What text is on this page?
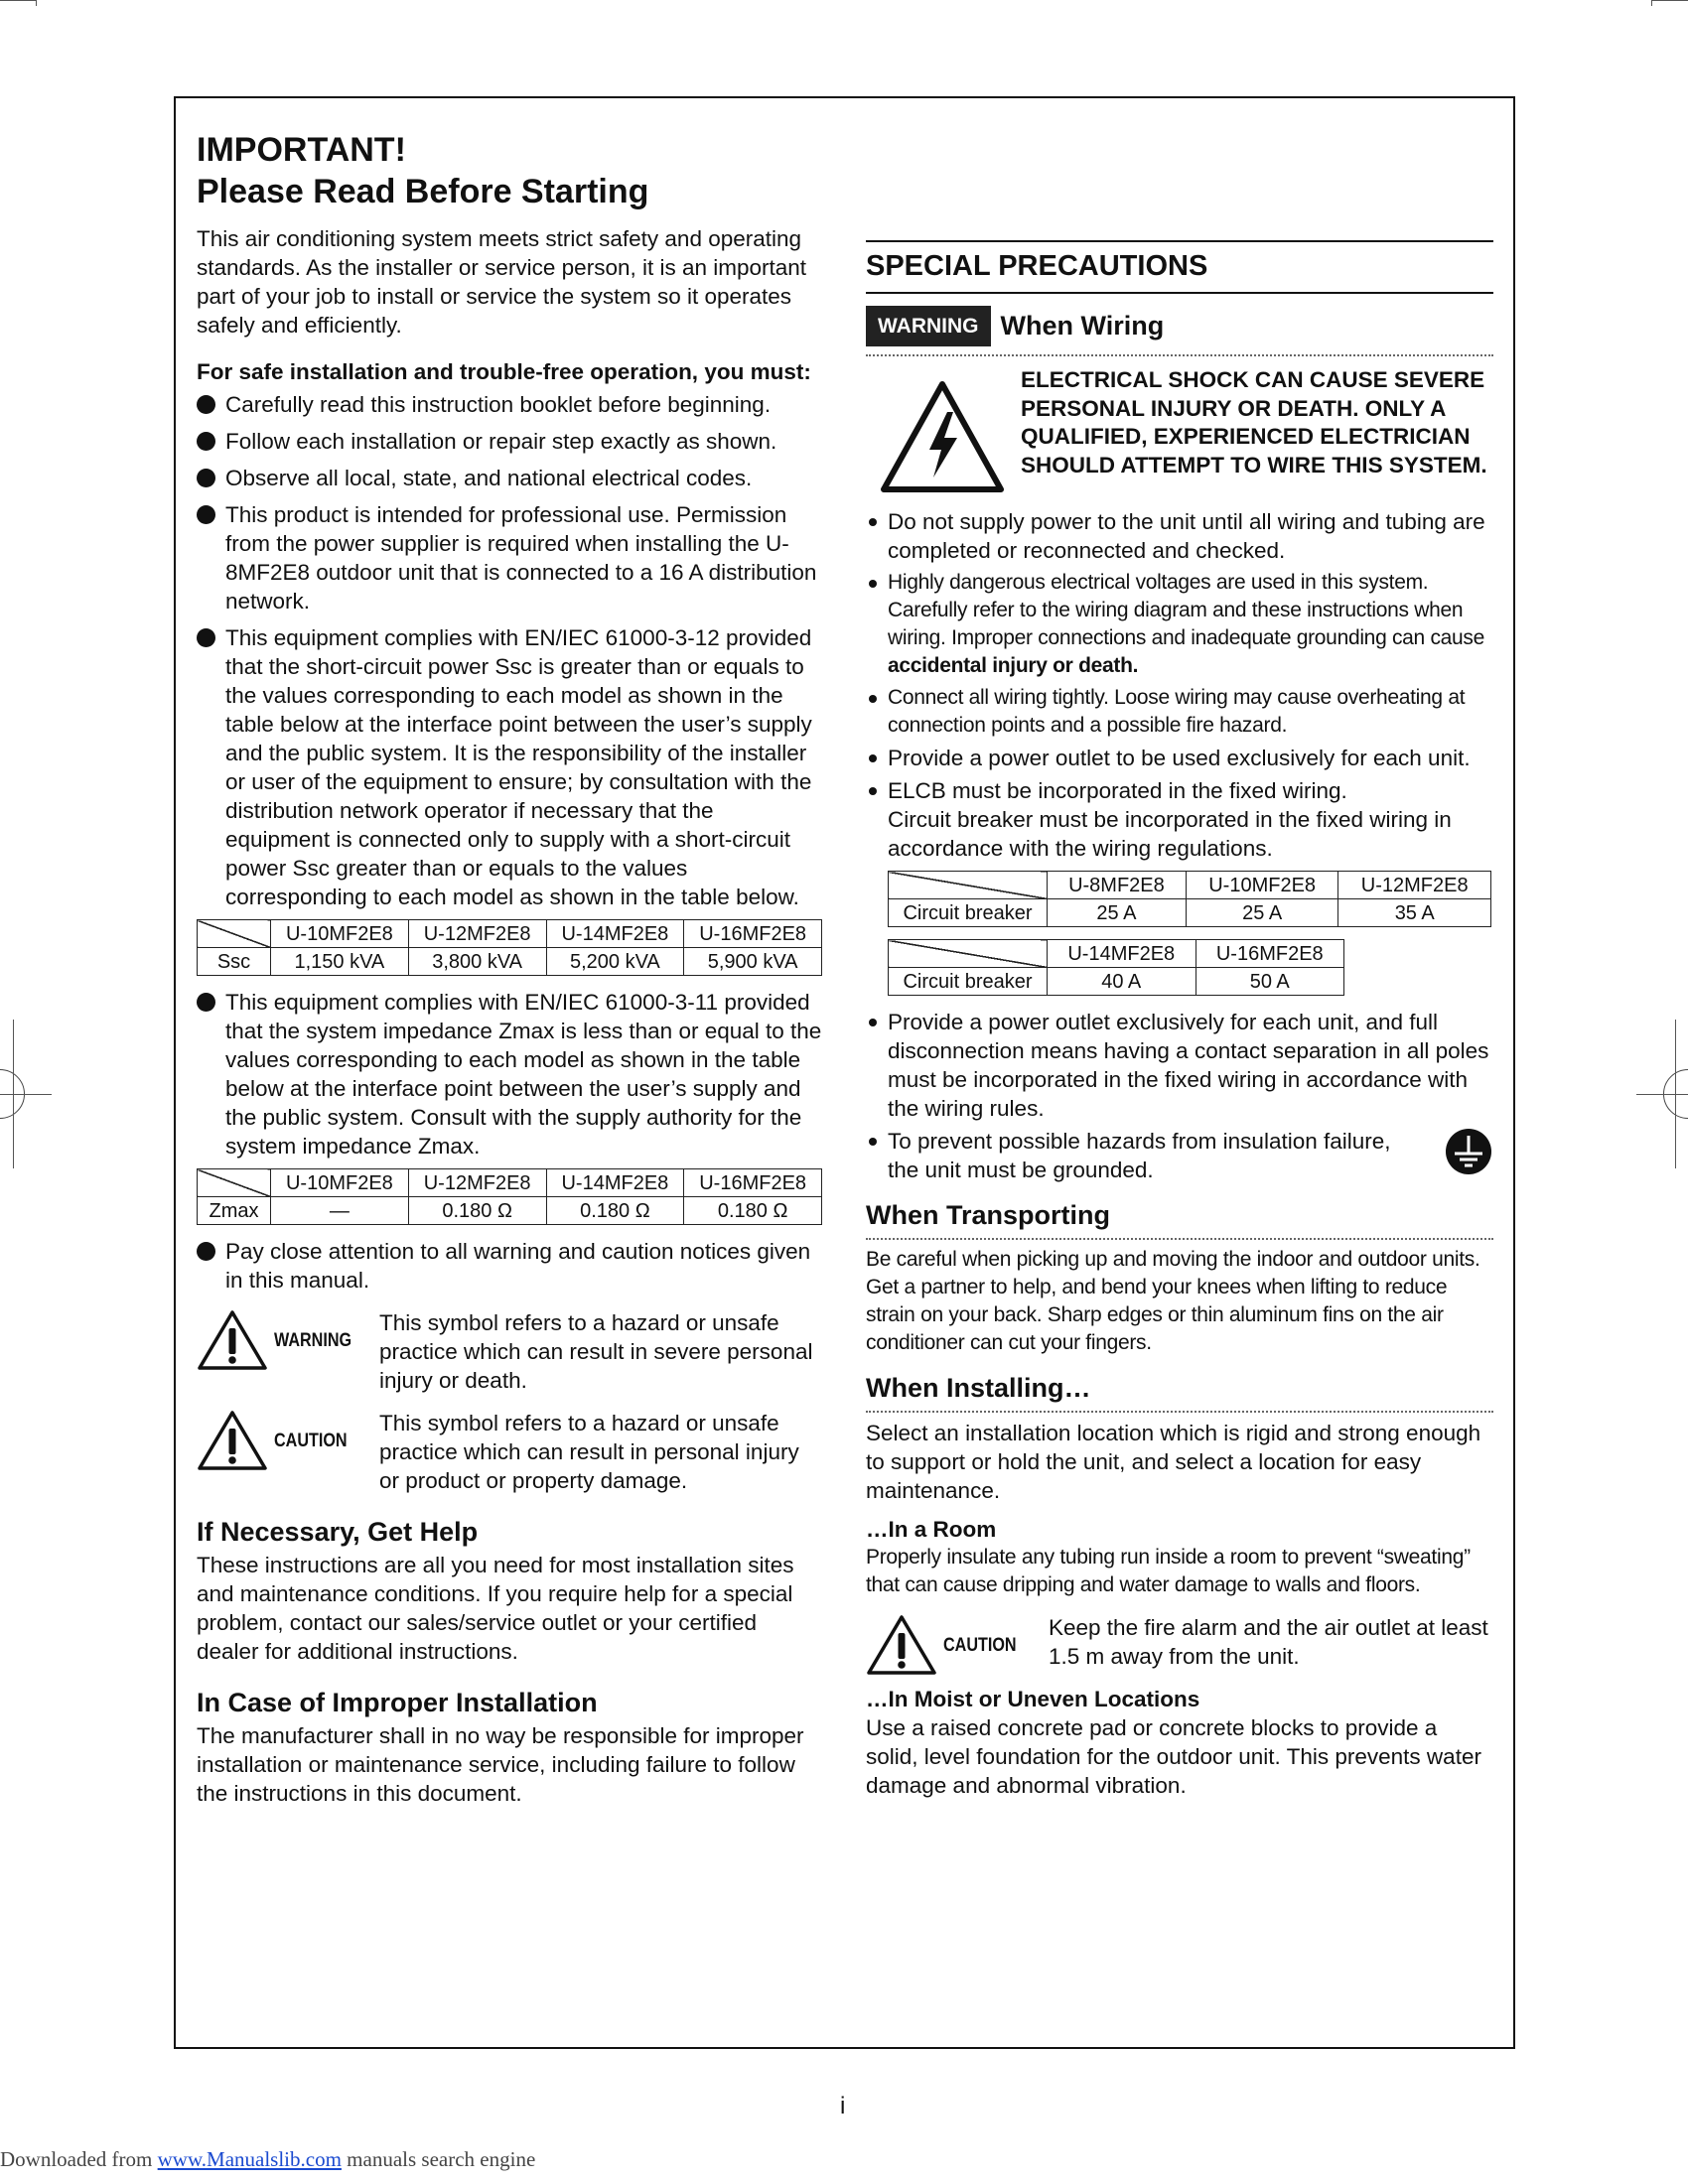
IMPORTANT!
Please Read Before Starting

This air conditioning system meets strict safety and operating standards. As the installer or service person, it is an important part of your job to install or service the system so it operates safely and efficiently.

For safe installation and trouble-free operation, you must:

Carefully read this instruction booklet before beginning.
Follow each installation or repair step exactly as shown.
Observe all local, state, and national electrical codes.
This product is intended for professional use. Permission from the power supplier is required when installing the U-8MF2E8 outdoor unit that is connected to a 16 A distribution network.
This equipment complies with EN/IEC 61000-3-12 provided that the short-circuit power Ssc is greater than or equals to the values corresponding to each model as shown in the table below at the interface point between the user’s supply and the public system. It is the responsibility of the installer or user of the equipment to ensure; by consultation with the distribution network operator if necessary that the equipment is connected only to supply with a short-circuit power Ssc greater than or equals to the values corresponding to each model as shown in the table below.
	U-10MF2E8	U-12MF2E8	U-14MF2E8	U-16MF2E8
Ssc	1,150 kVA	3,800 kVA	5,200 kVA	5,900 kVA
This equipment complies with EN/IEC 61000-3-11 provided that the system impedance Zmax is less than or equal to the values corresponding to each model as shown in the table below at the interface point between the user’s supply and the public system. Consult with the supply authority for the system impedance Zmax.
	U-10MF2E8	U-12MF2E8	U-14MF2E8	U-16MF2E8
Zmax	—	0.180 Ω	0.180 Ω	0.180 Ω
Pay close attention to all warning and caution notices given in this manual.
WARNING
This symbol refers to a hazard or unsafe practice which can result in severe personal injury or death.
CAUTION
This symbol refers to a hazard or unsafe practice which can result in personal injury or product or property damage.
If Necessary, Get Help

These instructions are all you need for most installation sites and maintenance conditions. If you require help for a special problem, contact our sales/service outlet or your certified dealer for additional instructions.

In Case of Improper Installation

The manufacturer shall in no way be responsible for improper installation or maintenance service, including failure to follow the instructions in this document.

SPECIAL PRECAUTIONS
WARNING When Wiring
ELECTRICAL SHOCK CAN CAUSE SEVERE PERSONAL INJURY OR DEATH. ONLY A QUALIFIED, EXPERIENCED ELECTRICIAN SHOULD ATTEMPT TO WIRE THIS SYSTEM.
Do not supply power to the unit until all wiring and tubing are completed or reconnected and checked.
Highly dangerous electrical voltages are used in this system. Carefully refer to the wiring diagram and these instructions when wiring. Improper connections and inadequate grounding can cause accidental injury or death.
Connect all wiring tightly. Loose wiring may cause overheating at connection points and a possible fire hazard.
Provide a power outlet to be used exclusively for each unit.
ELCB must be incorporated in the fixed wiring.
Circuit breaker must be incorporated in the fixed wiring in accordance with the wiring regulations.
	U-8MF2E8	U-10MF2E8	U-12MF2E8
Circuit breaker	25 A	25 A	35 A
	U-14MF2E8	U-16MF2E8
Circuit breaker	40 A	50 A
Provide a power outlet exclusively for each unit, and full disconnection means having a contact separation in all poles must be incorporated in the fixed wiring in accordance with the wiring rules.
To prevent possible hazards from insulation failure, the unit must be grounded.
When Transporting

Be careful when picking up and moving the indoor and outdoor units. Get a partner to help, and bend your knees when lifting to reduce strain on your back. Sharp edges or thin aluminum fins on the air conditioner can cut your fingers.

When Installing…

Select an installation location which is rigid and strong enough to support or hold the unit, and select a location for easy maintenance.

…In a Room

Properly insulate any tubing run inside a room to prevent “sweating” that can cause dripping and water damage to walls and floors.

CAUTION
Keep the fire alarm and the air outlet at least 1.5 m away from the unit.

…In Moist or Uneven Locations

Use a raised concrete pad or concrete blocks to provide a solid, level foundation for the outdoor unit. This prevents water damage and abnormal vibration.

i
Downloaded from www.Manualslib.com manuals search engine
